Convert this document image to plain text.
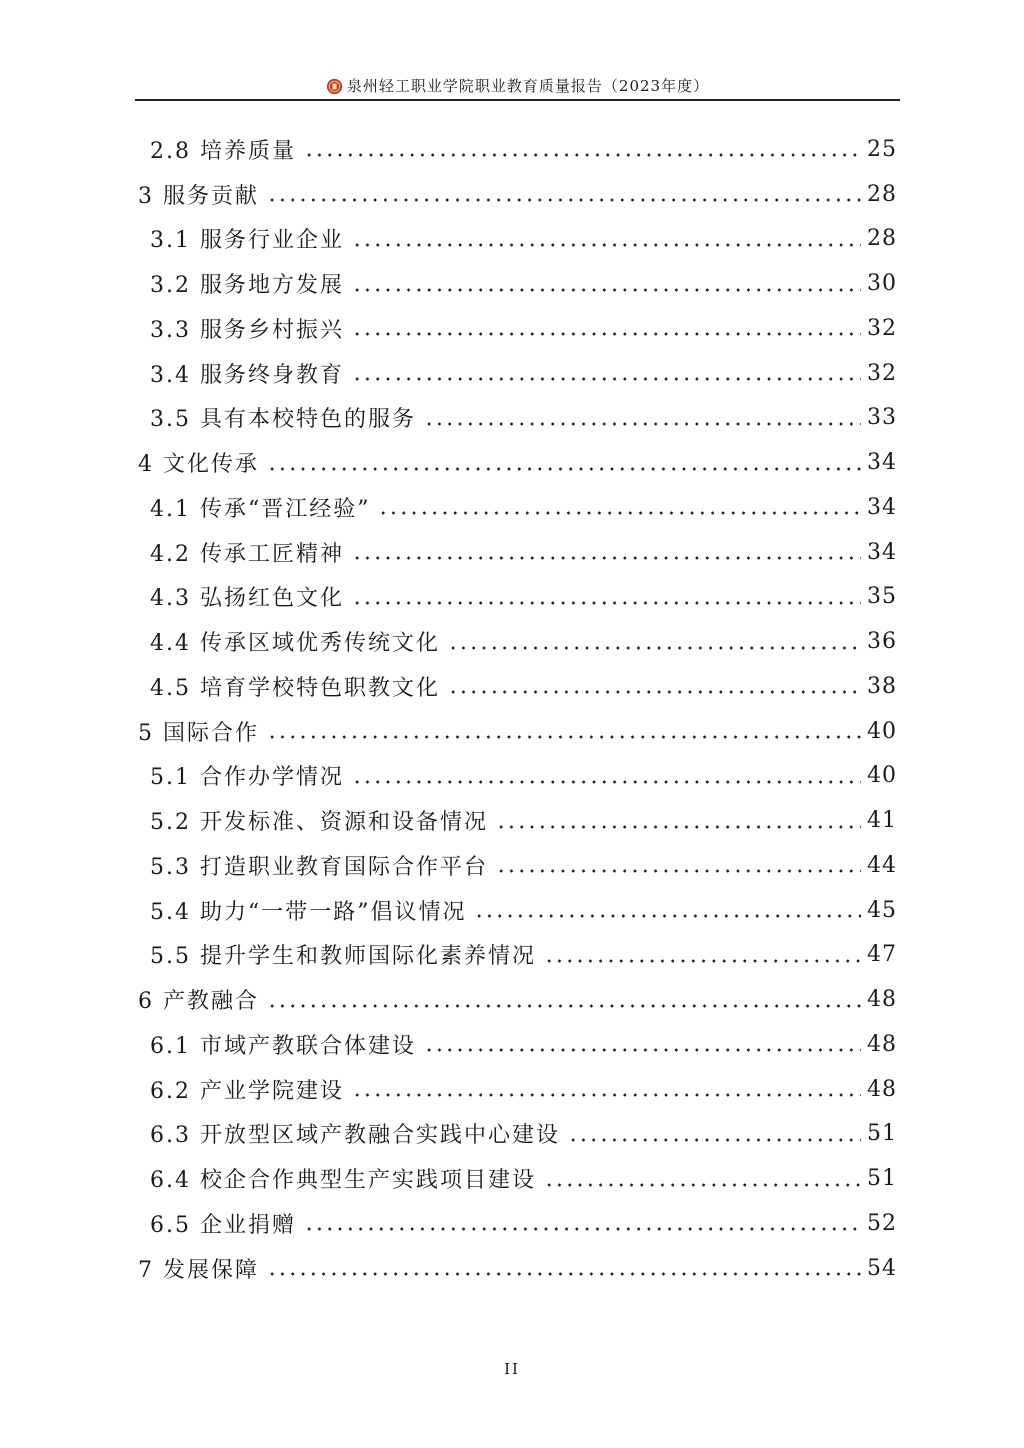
泉州轻工职业学院职业教育质量报告（2023年度）
2.8 培养质量	25
3 服务贡献	28
3.1 服务行业企业	28
3.2 服务地方发展	30
3.3 服务乡村振兴	32
3.4 服务终身教育	32
3.5 具有本校特色的服务	33
4 文化传承	34
4.1 传承“晋江经验”	34
4.2 传承工匠精神	34
4.3 弘扬红色文化	35
4.4 传承区域优秀传统文化	36
4.5 培育学校特色职教文化	38
5 国际合作	40
5.1 合作办学情况	40
5.2 开发标准、资源和设备情况	41
5.3 打造职业教育国际合作平台	44
5.4 助力“一带一路”倡议情况	45
5.5 提升学生和教师国际化素养情况	47
6 产教融合	48
6.1 市域产教联合体建设	48
6.2 产业学院建设	48
6.3 开放型区域产教融合实践中心建设	51
6.4 校企合作典型生产实践项目建设	51
6.5 企业捐赠	52
7 发展保障	54
II
